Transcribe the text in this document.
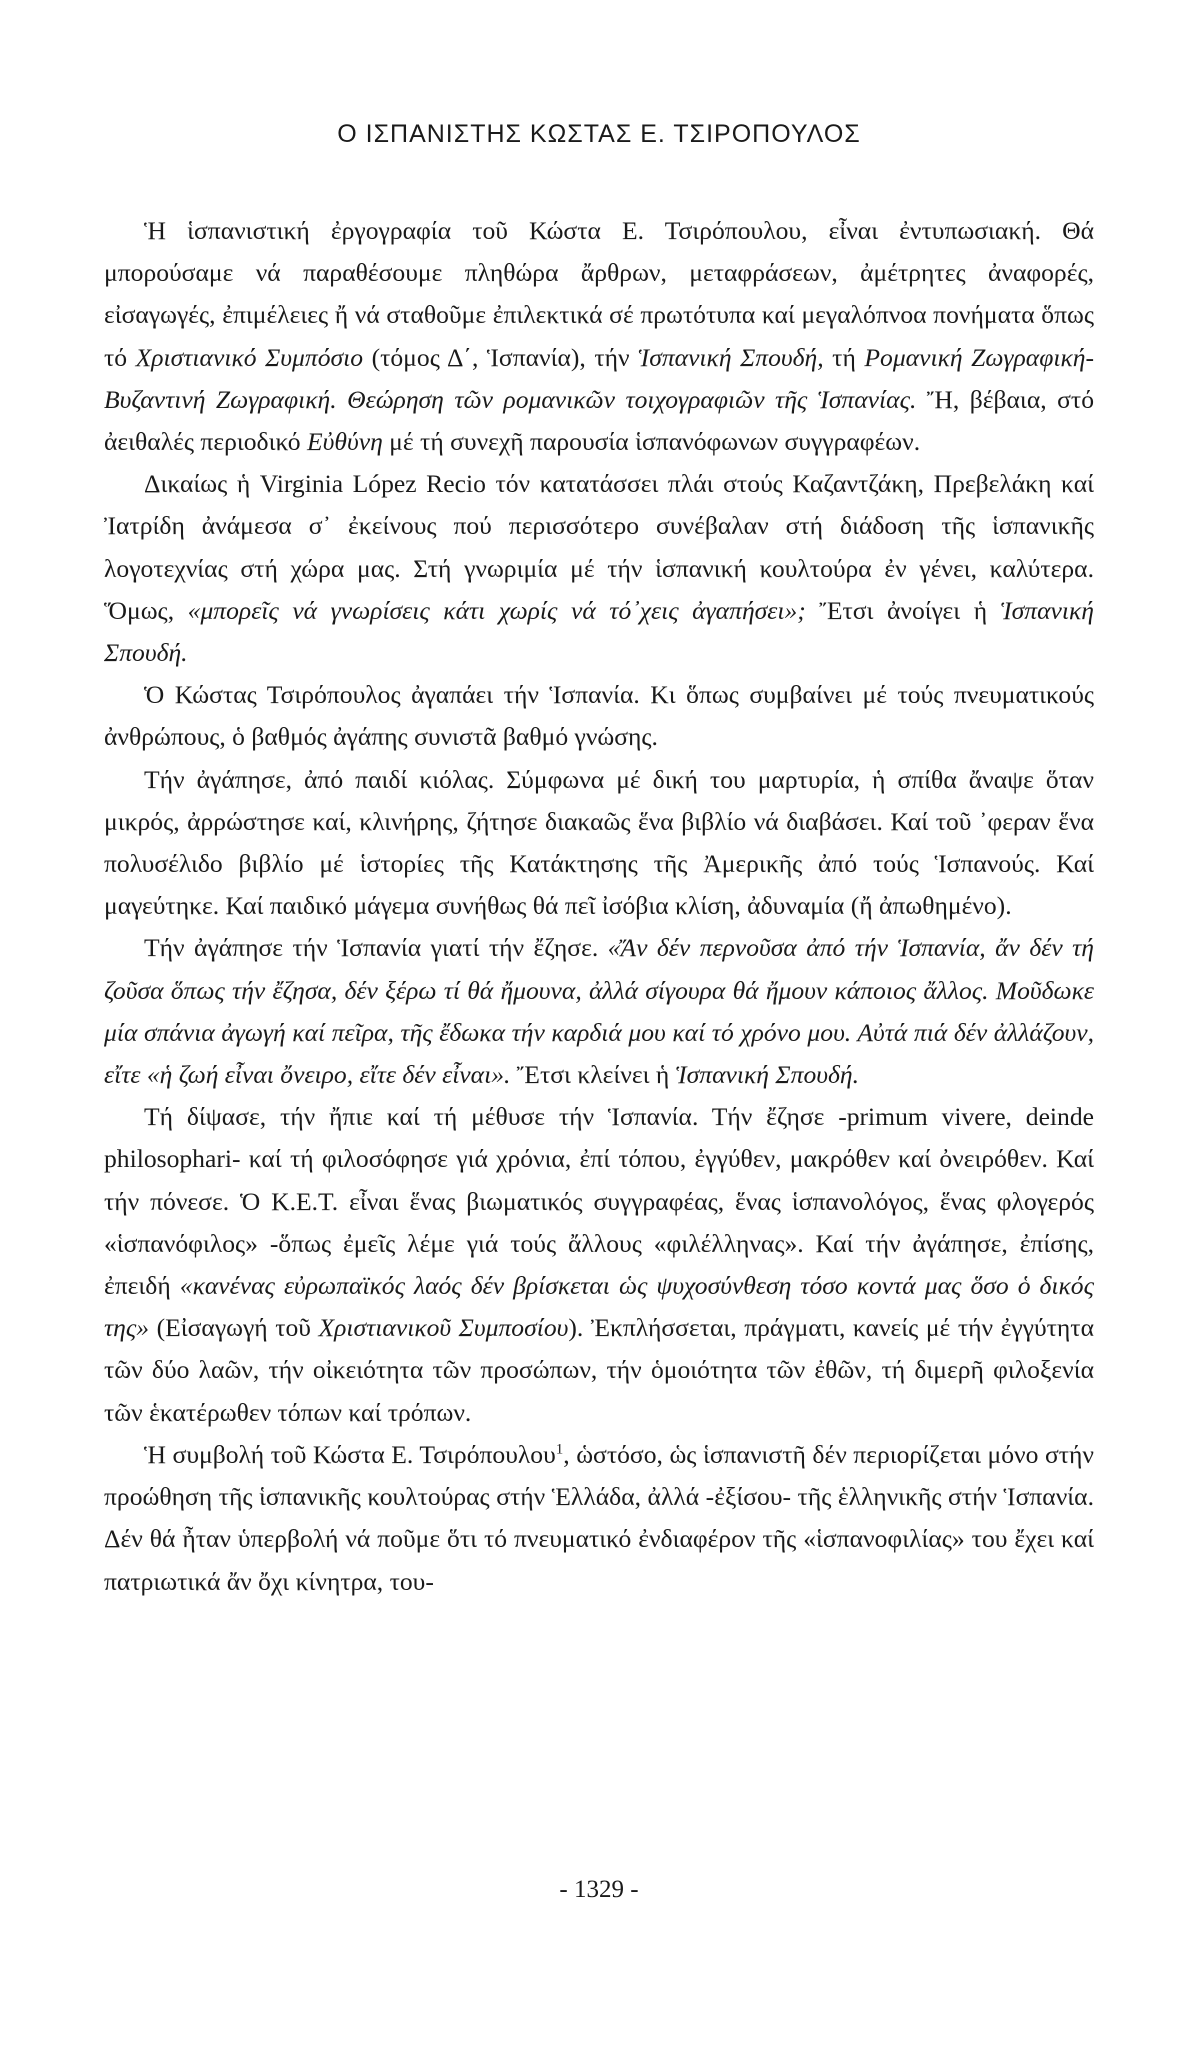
Ο ΙΣΠΑΝΙΣΤΗΣ ΚΩΣΤΑΣ Ε. ΤΣΙΡΟΠΟΥΛΟΣ

Ἡ ἱσπανιστική ἐργογραφία τοῦ Κώστα Ε. Τσιρόπουλου, εἶναι ἐντυπωσιακή. Θά μπορούσαμε νά παραθέσουμε πληθώρα ἄρθρων, μεταφράσεων, ἀμέτρητες ἀναφορές, εἰσαγωγές, ἐπιμέλειες ἤ νά σταθοῦμε ἐπιλεκτικά σέ πρωτότυπα καί μεγαλόπνοα πονήματα ὅπως τό Χριστιανικό Συμπόσιο (τόμος Δ΄, Ἱσπανία), τήν Ἱσπανική Σπουδή, τή Ρομανική Ζωγραφική-Βυζαντινή Ζωγραφική. Θεώρηση τῶν ρομανικῶν τοιχογραφιῶν τῆς Ἱσπανίας. Ἤ, βέβαια, στό ἀειθαλές περιοδικό Εὐθύνη μέ τή συνεχῆ παρουσία ἱσπανόφωνων συγγραφέων.

Δικαίως ἡ Virginia López Recio τόν κατατάσσει πλάι στούς Καζαντζάκη, Πρεβελάκη καί Ἰατρίδη ἀνάμεσα σ᾽ ἐκείνους πού περισσότερο συνέβαλαν στή διάδοση τῆς ἱσπανικῆς λογοτεχνίας στή χώρα μας. Στή γνωριμία μέ τήν ἱσπανική κουλτούρα ἐν γένει, καλύτερα. Ὅμως, «μπορεῖς νά γνωρίσεις κάτι χωρίς νά τό᾽χεις ἀγαπήσει»; Ἔτσι ἀνοίγει ἡ Ἱσπανική Σπουδή.

Ὁ Κώστας Τσιρόπουλος ἀγαπάει τήν Ἱσπανία. Κι ὅπως συμβαίνει μέ τούς πνευματικούς ἀνθρώπους, ὁ βαθμός ἀγάπης συνιστᾶ βαθμό γνώσης.

Τήν ἀγάπησε, ἀπό παιδί κιόλας. Σύμφωνα μέ δική του μαρτυρία, ἡ σπίθα ἄναψε ὅταν μικρός, ἀρρώστησε καί, κλινήρης, ζήτησε διακαῶς ἕνα βιβλίο νά διαβάσει. Καί τοῦ ᾽φεραν ἕνα πολυσέλιδο βιβλίο μέ ἱστορίες τῆς Κατάκτησης τῆς Ἀμερικῆς ἀπό τούς Ἱσπανούς. Καί μαγεύτηκε. Καί παιδικό μάγεμα συνήθως θά πεῖ ἰσόβια κλίση, ἀδυναμία (ἤ ἀπωθημένο).

Τήν ἀγάπησε τήν Ἱσπανία γιατί τήν ἔζησε. «Ἄν δέν περνοῦσα ἀπό τήν Ἱσπανία, ἄν δέν τή ζοῦσα ὅπως τήν ἔζησα, δέν ξέρω τί θά ἤμουνα, ἀλλά σίγουρα θά ἤμουν κάποιος ἄλλος. Μοῦδωκε μία σπάνια ἀγωγή καί πεῖρα, τῆς ἔδωκα τήν καρδιά μου καί τό χρόνο μου. Αὐτά πιά δέν ἀλλάζουν, εἴτε «ἡ ζωή εἶναι ὄνειρο, εἴτε δέν εἶναι». Ἔτσι κλείνει ἡ Ἱσπανική Σπουδή.

Τή δίψασε, τήν ἤπιε καί τή μέθυσε τήν Ἱσπανία. Τήν ἔζησε -primum vivere, deinde philosophari- καί τή φιλοσόφησε γιά χρόνια, ἐπί τόπου, ἐγγύθεν, μακρόθεν καί ὀνειρόθεν. Καί τήν πόνεσε. Ὁ Κ.Ε.Τ. εἶναι ἕνας βιωματικός συγγραφέας, ἕνας ἱσπανολόγος, ἕνας φλογερός «ἱσπανόφιλος» -ὅπως ἐμεῖς λέμε γιά τούς ἄλλους «φιλέλληνας». Καί τήν ἀγάπησε, ἐπίσης, ἐπειδή «κανένας εὐρωπαϊκός λαός δέν βρίσκεται ὡς ψυχοσύνθεση τόσο κοντά μας ὅσο ὁ δικός της» (Εἰσαγωγή τοῦ Χριστιανικοῦ Συμποσίου). Ἐκπλήσσεται, πράγματι, κανείς μέ τήν ἐγγύτητα τῶν δύο λαῶν, τήν οἰκειότητα τῶν προσώπων, τήν ὁμοιότητα τῶν ἐθῶν, τή διμερῆ φιλοξενία τῶν ἑκατέρωθεν τόπων καί τρόπων.

Ἡ συμβολή τοῦ Κώστα Ε. Τσιρόπουλου$^1$, ὡστόσο, ὡς ἱσπανιστῆ δέν περιορίζεται μόνο στήν προώθηση τῆς ἱσπανικῆς κουλτούρας στήν Ἑλλάδα, ἀλλά -ἐξίσου- τῆς ἑλληνικῆς στήν Ἱσπανία. Δέν θά ἦταν ὑπερβολή νά ποῦμε ὅτι τό πνευματικό ἐνδιαφέρον τῆς «ἱσπανοφιλίας» του ἔχει καί πατριωτικά ἄν ὄχι κίνητρα, του-

- 1329 -
